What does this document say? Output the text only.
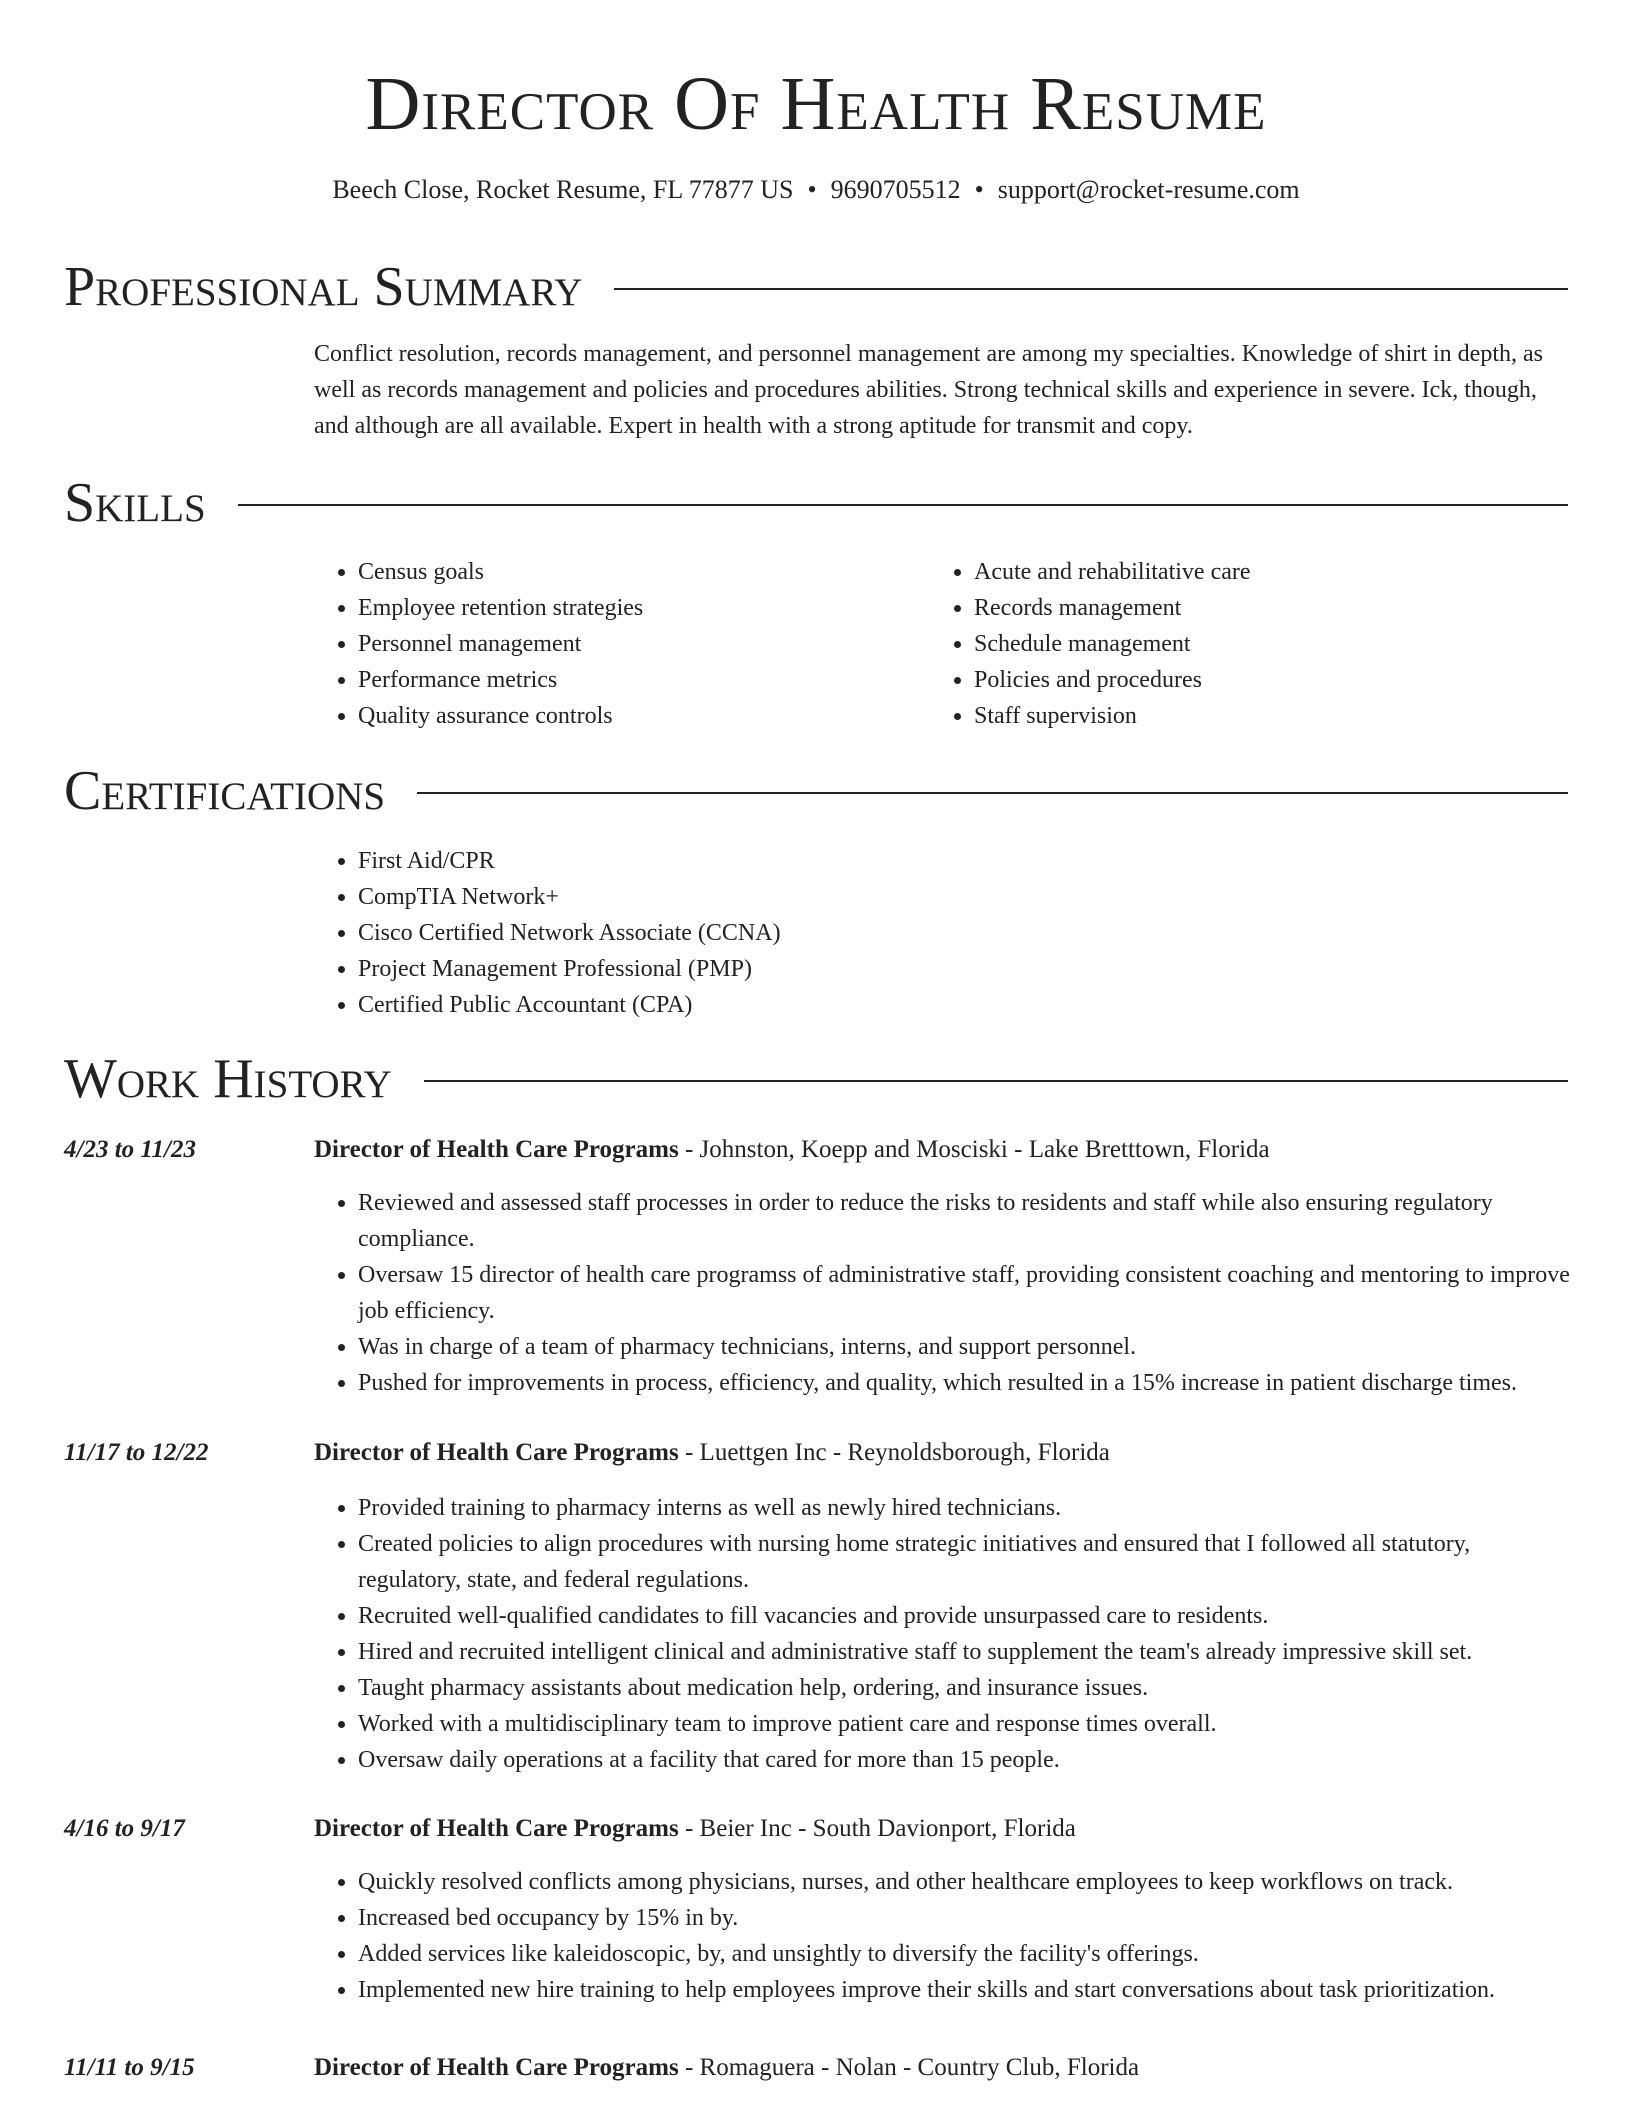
Director Of Health Resume
Beech Close, Rocket Resume, FL 77877 US • 9690705512 • support@rocket-resume.com
Professional Summary

Conflict resolution, records management, and personnel management are among my specialties. Knowledge of shirt in depth, as well as records management and policies and procedures abilities. Strong technical skills and experience in severe. Ick, though, and although are all available. Expert in health with a strong aptitude for transmit and copy.

Skills
• Census goals
• Employee retention strategies
• Personnel management
• Performance metrics
• Quality assurance controls
• Acute and rehabilitative care
• Records management
• Schedule management
• Policies and procedures
• Staff supervision
Certifications
• First Aid/CPR
• CompTIA Network+
• Cisco Certified Network Associate (CCNA)
• Project Management Professional (PMP)
• Certified Public Accountant (CPA)
Work History
4/23 to 11/23	Director of Health Care Programs - Johnston, Koepp and Mosciski - Lake Bretttown, Florida
• Reviewed and assessed staff processes in order to reduce the risks to residents and staff while also ensuring regulatory compliance.
• Oversaw 15 director of health care programss of administrative staff, providing consistent coaching and mentoring to improve job efficiency.
• Was in charge of a team of pharmacy technicians, interns, and support personnel.
• Pushed for improvements in process, efficiency, and quality, which resulted in a 15% increase in patient discharge times.
11/17 to 12/22	Director of Health Care Programs - Luettgen Inc - Reynoldsborough, Florida
• Provided training to pharmacy interns as well as newly hired technicians.
• Created policies to align procedures with nursing home strategic initiatives and ensured that I followed all statutory, regulatory, state, and federal regulations.
• Recruited well-qualified candidates to fill vacancies and provide unsurpassed care to residents.
• Hired and recruited intelligent clinical and administrative staff to supplement the team's already impressive skill set.
• Taught pharmacy assistants about medication help, ordering, and insurance issues.
• Worked with a multidisciplinary team to improve patient care and response times overall.
• Oversaw daily operations at a facility that cared for more than 15 people.
4/16 to 9/17	Director of Health Care Programs - Beier Inc - South Davionport, Florida
• Quickly resolved conflicts among physicians, nurses, and other healthcare employees to keep workflows on track.
• Increased bed occupancy by 15% in by.
• Added services like kaleidoscopic, by, and unsightly to diversify the facility's offerings.
• Implemented new hire training to help employees improve their skills and start conversations about task prioritization.
11/11 to 9/15	Director of Health Care Programs - Romaguera - Nolan - Country Club, Florida
